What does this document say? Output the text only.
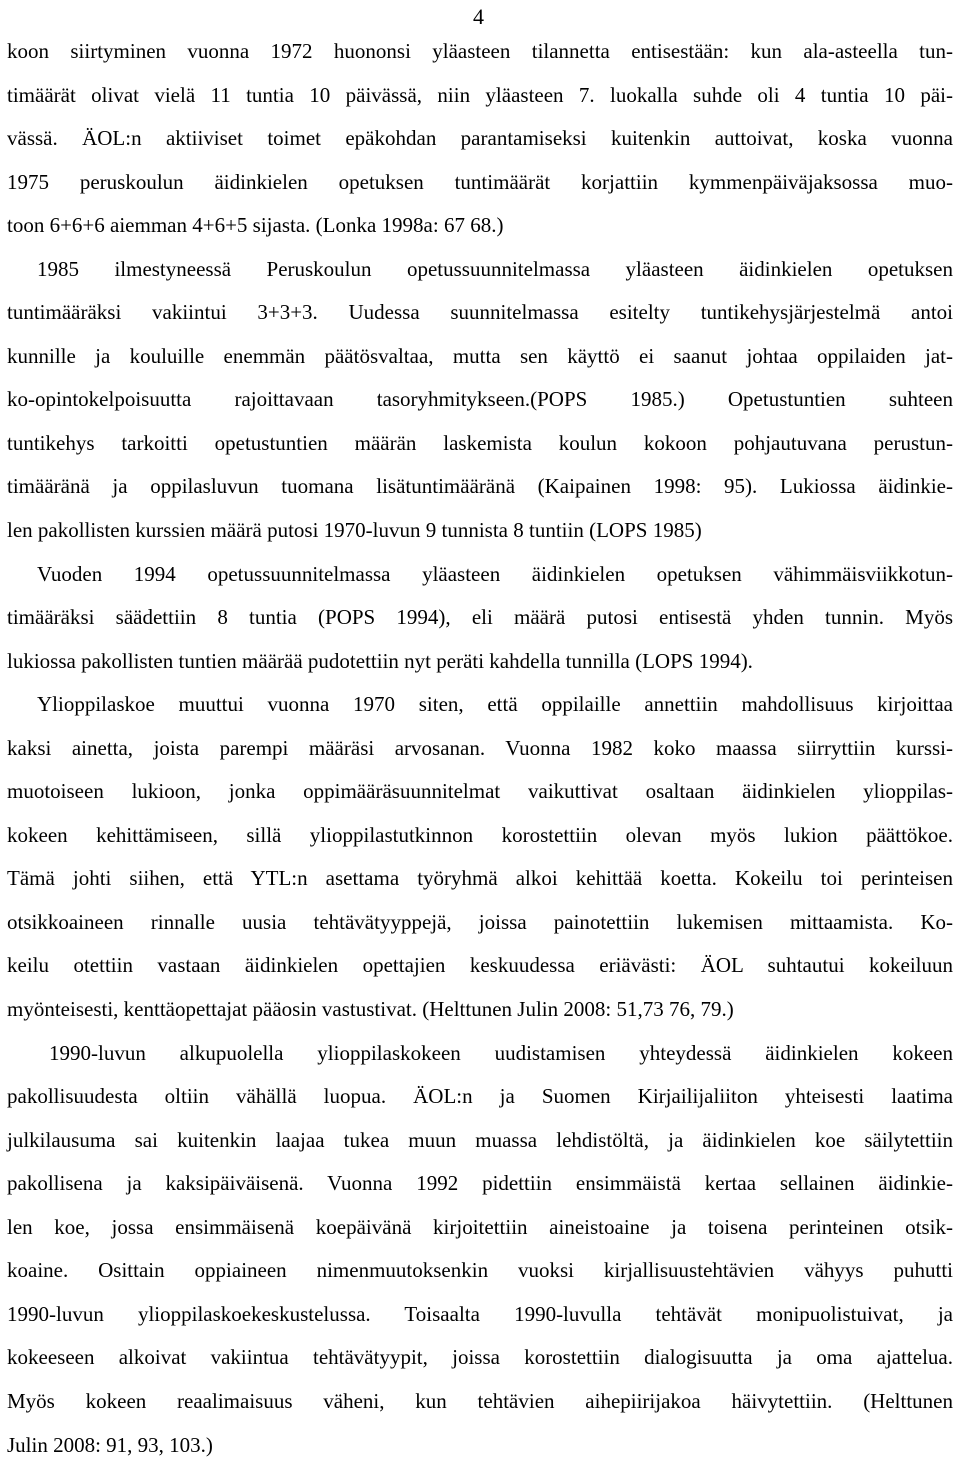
4
koon siirtyminen vuonna 1972 huononsi yläasteen tilannetta entisestään: kun ala-asteella tun-
timäärät olivat vielä 11 tuntia 10 päivässä, niin yläasteen 7. luokalla suhde oli 4 tuntia 10 päi-
vässä. ÄOL:n aktiiviset toimet epäkohdan parantamiseksi kuitenkin auttoivat, koska vuonna
1975 peruskoulun äidinkielen opetuksen tuntimäärät korjattiin kymmenpäiväjaksossa muo-
toon 6+6+6 aiemman 4+6+5 sijasta. (Lonka 1998a: 67 68.)
1985 ilmestyneessä Peruskoulun opetussuunnitelmassa yläasteen äidinkielen opetuksen
tuntimääräksi vakiintui 3+3+3. Uudessa suunnitelmassa esitelty tuntikehysjärjestelmä antoi
kunnille ja kouluille enemmän päätösvaltaa, mutta sen käyttö ei saanut johtaa oppilaiden jat-
ko-opintokelpoisuutta rajoittavaan tasoryhmitykseen.(POPS 1985.) Opetustuntien suhteen
tuntikehys tarkoitti opetustuntien määrän laskemista koulun kokoon pohjautuvana perustun-
timääränä ja oppilasluvun tuomana lisätuntimääränä (Kaipainen 1998: 95). Lukiossa äidinkie-
len pakollisten kurssien määrä putosi 1970-luvun 9 tunnista 8 tuntiin (LOPS 1985)
Vuoden 1994 opetussuunnitelmassa yläasteen äidinkielen opetuksen vähimmäisviikkotun-
timääräksi säädettiin 8 tuntia (POPS 1994), eli määrä putosi entisestä yhden tunnin. Myös
lukiossa pakollisten tuntien määrää pudotettiin nyt peräti kahdella tunnilla (LOPS 1994).
Ylioppilaskoe muuttui vuonna 1970 siten, että oppilaille annettiin mahdollisuus kirjoittaa
kaksi ainetta, joista parempi määräsi arvosanan. Vuonna 1982 koko maassa siirryttiin kurssi-
muotoiseen lukioon, jonka oppimääräsuunnitelmat vaikuttivat osaltaan äidinkielen ylioppilas-
kokeen kehittämiseen, sillä ylioppilastutkinnon korostettiin olevan myös lukion päättökoe.
Tämä johti siihen, että YTL:n asettama työryhmä alkoi kehittää koetta. Kokeilu toi perinteisen
otsikkoaineen rinnalle uusia tehtävätyyppejä, joissa painotettiin lukemisen mittaamista. Ko-
keilu otettiin vastaan äidinkielen opettajien keskuudessa eriävästi: ÄOL suhtautui kokeiluun
myönteisesti, kenttäopettajat pääosin vastustivat. (Helttunen Julin 2008: 51,73 76, 79.)
1990-luvun alkupuolella ylioppilaskokeen uudistamisen yhteydessä äidinkielen kokeen
pakollisuudesta oltiin vähällä luopua. ÄOL:n ja Suomen Kirjailijaliiton yhteisesti laatima
julkilausuma sai kuitenkin laajaa tukea muun muassa lehdistöltä, ja äidinkielen koe säilytettiin
pakollisena ja kaksipäiväisenä. Vuonna 1992 pidettiin ensimmäistä kertaa sellainen äidinkie-
len koe, jossa ensimmäisenä koepäivänä kirjoitettiin aineistoaine ja toisena perinteinen otsik-
koaine. Osittain oppiaineen nimenmuutoksenkin vuoksi kirjallisuustehtävien vähyys puhutti
1990-luvun ylioppilaskoekeskustelussa. Toisaalta 1990-luvulla tehtävät monipuolistuivat, ja
kokeeseen alkoivat vakiintua tehtävätyypit, joissa korostettiin dialogisuutta ja oma ajattelua.
Myös kokeen reaalimaisuus väheni, kun tehtävien aihepiirijakoa häivytettiin. (Helttunen
Julin 2008: 91, 93, 103.)
